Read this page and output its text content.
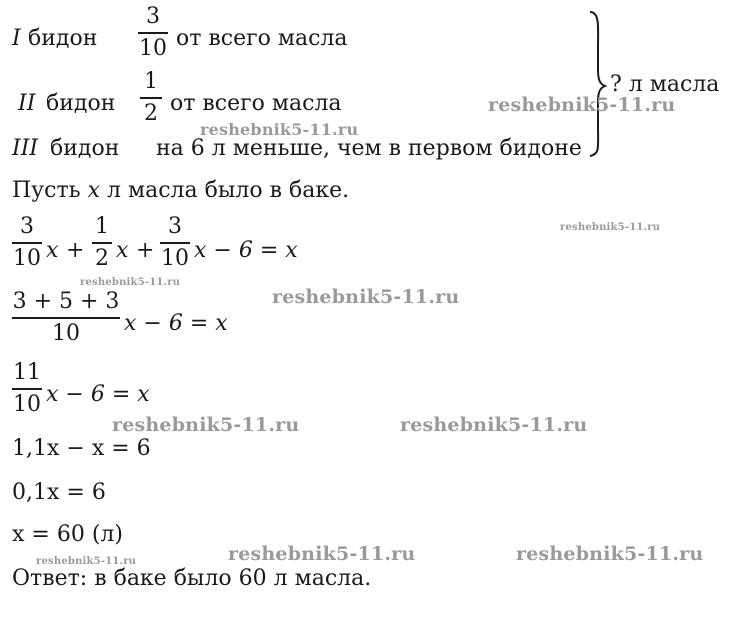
I бидон
3
10 от всего масла
II бидон
1
2 от всего масла
III бидон на 6 л меньше, чем в первом бидоне
? л масла
Пусть x л масла было в баке.
3
10 x +
1
2 x +
3
10 x − 6 = x
3 + 5 + 3
10	x − 6 = x
11
10 x − 6 = x
1,1x − x = 6
0,1x = 6
x = 60 (л)
Ответ: в баке было 60 л масла.
reshebnik5-11.ru
reshebnik5-11.ru
reshebnik5-11.ru
reshebnik5-11.ru
reshebnik5-11.ru
reshebnik5-11.ru	reshebnik5-11.ru
reshebnik5-11.ru	reshebnik5-11.ru	reshebnik5-11.ru
